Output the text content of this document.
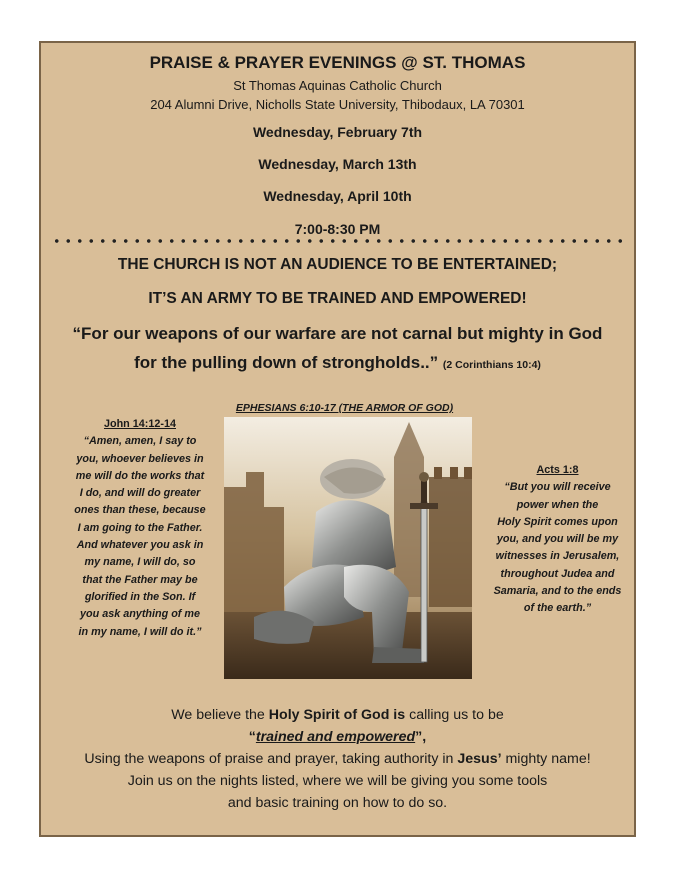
PRAISE & PRAYER EVENINGS @ ST. THOMAS
St Thomas Aquinas Catholic Church
204 Alumni Drive, Nicholls State University, Thibodaux, LA 70301
Wednesday, February 7th
Wednesday, March 13th
Wednesday, April 10th
7:00-8:30 PM
THE CHURCH IS NOT AN AUDIENCE TO BE ENTERTAINED;
IT’S AN ARMY TO BE TRAINED AND EMPOWERED!
“For our weapons of our warfare are not carnal but mighty in God
for the pulling down of strongholds..” (2 Corinthians 10:4)
John 14:12-14
“Amen, amen, I say to
you, whoever believes in
me will do the works that
I do, and will do greater
ones than these, because
I am going to the Father.
And whatever you ask in
my name, I will do, so
that the Father may be
glorified in the Son. If
you ask anything of me
in my name, I will do it.”
EPHESIANS 6:10-17 (THE ARMOR OF GOD)
Acts 1:8
“But you will receive
power when the
Holy Spirit comes upon
you, and you will be my
witnesses in Jerusalem,
throughout Judea and
Samaria, and to the ends
of the earth.”
We believe the Holy Spirit of God is calling us to be
“trained and empowered”,
Using the weapons of praise and prayer, taking authority in Jesus’ mighty name!
Join us on the nights listed, where we will be giving you some tools
and basic training on how to do so.
